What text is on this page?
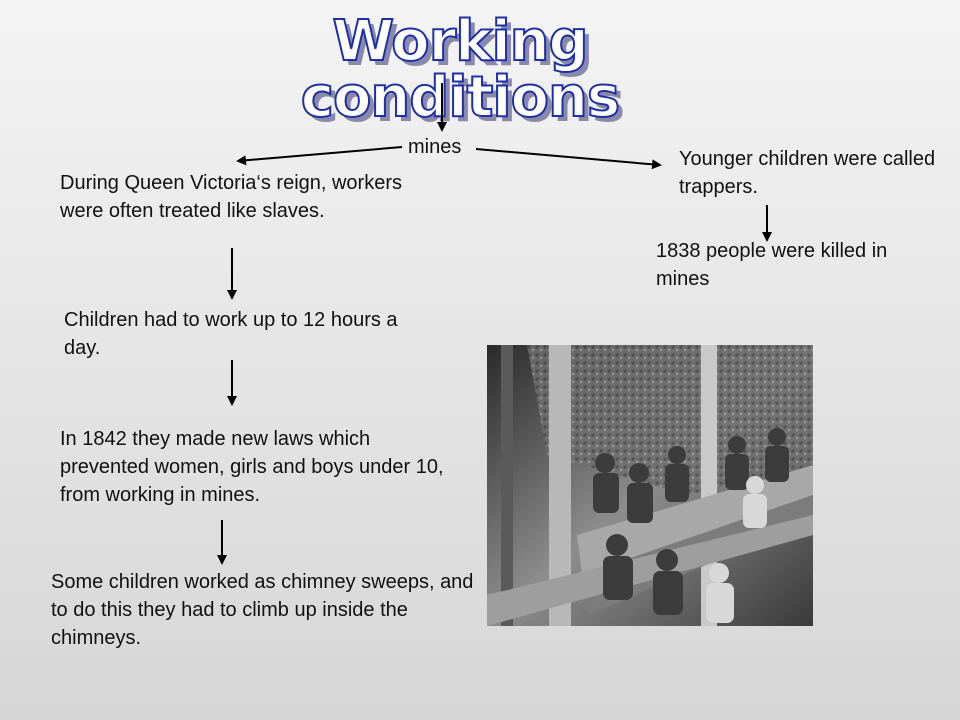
Working conditions
mines
During Queen Victoria‘s reign, workers were often treated like slaves.
Younger children were called trappers.
1838 people were killed in mines
Children had to work up to 12 hours a day.
In 1842 they made new laws which prevented women, girls and boys under 10, from working in mines.
Some children worked as chimney sweeps, and to do this they had to climb up inside the chimneys.
